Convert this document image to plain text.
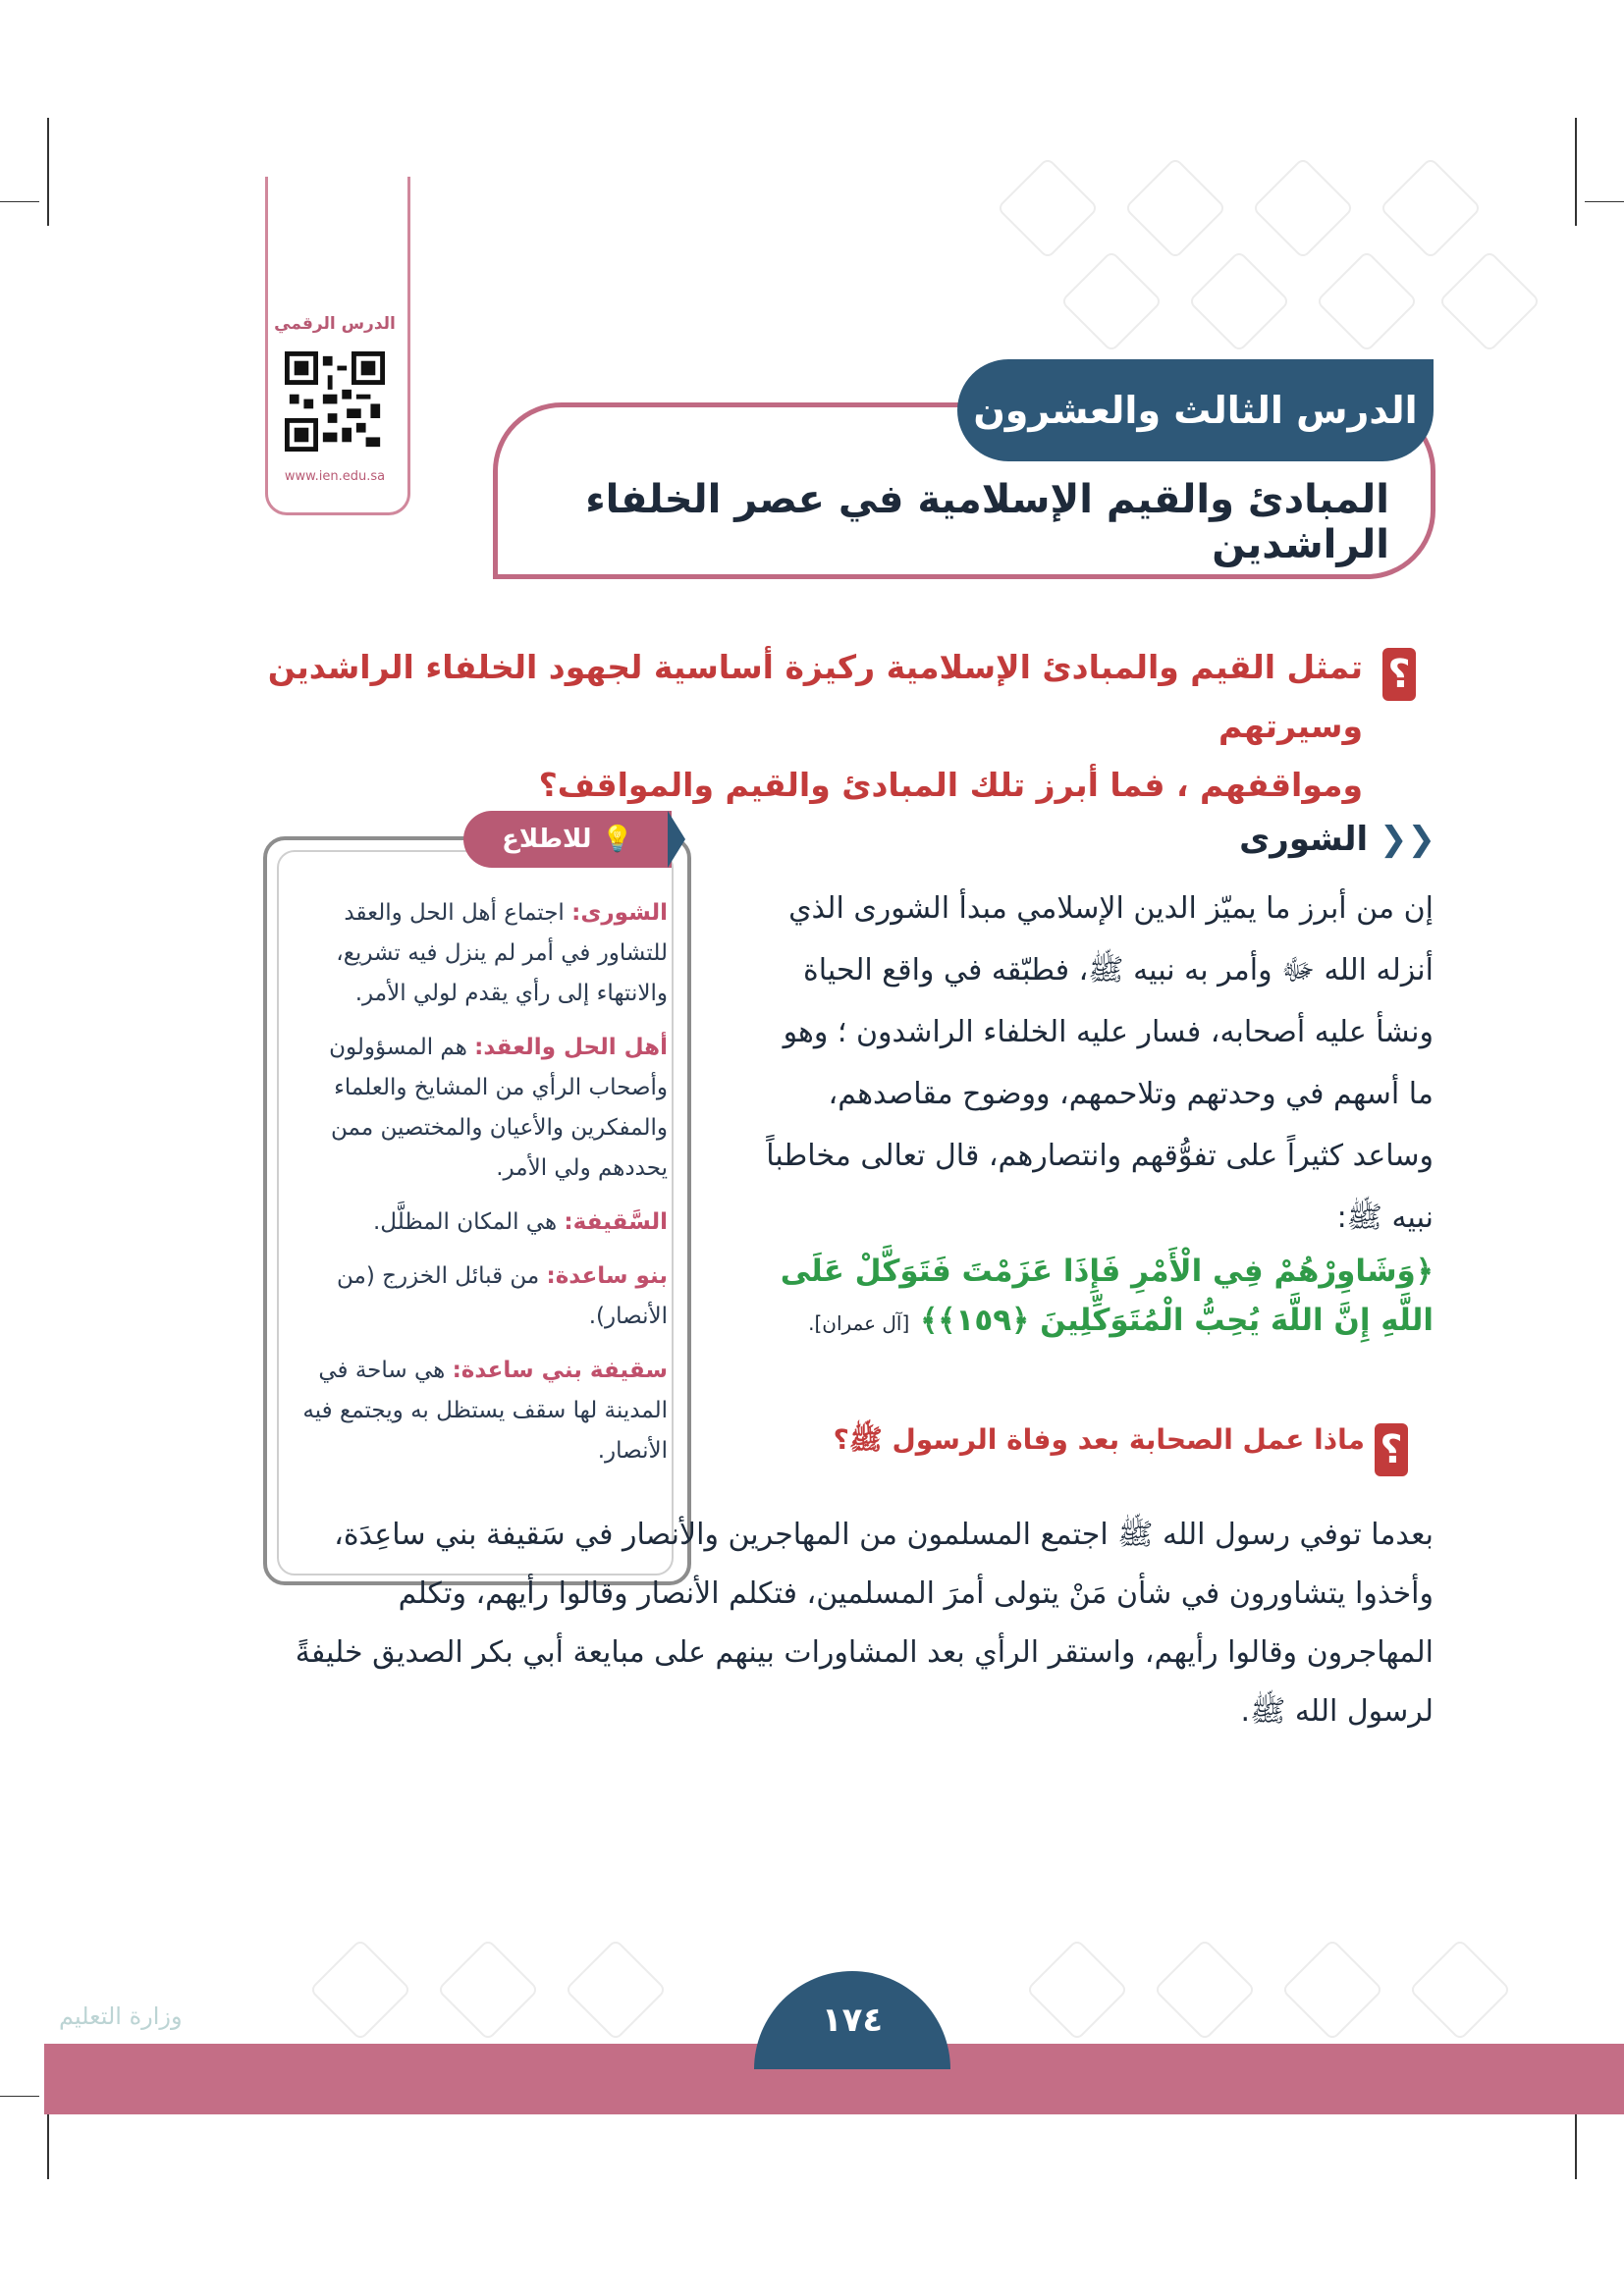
الدرس الرقمي
www.ien.edu.sa
الدرس الثالث والعشرون
المبادئ والقيم الإسلامية في عصر الخلفاء الراشدين
؟
تمثل القيم والمبادئ الإسلامية ركيزة أساسية لجهود الخلفاء الراشدين وسيرتهم
ومواقفهم ، فما أبرز تلك المبادئ والقيم والمواقف؟
💡
للاطلاع

الشورى: اجتماع أهل الحل والعقد للتشاور في أمر لم ينزل فيه تشريع، والانتهاء إلى رأي يقدم لولي الأمر.

أهل الحل والعقد: هم المسؤولون وأصحاب الرأي من المشايخ والعلماء والمفكرين والأعيان والمختصين ممن يحددهم ولي الأمر.

السَّقيفة: هي المكان المظلَّل.

بنو ساعدة: من قبائل الخزرج (من الأنصار).

سقيفة بني ساعدة: هي ساحة في المدينة لها سقف يستظل به ويجتمع فيه الأنصار.

❮❮ الشورى
إن من أبرز ما يميّز الدين الإسلامي مبدأ الشورى الذي أنزله الله ﷻ وأمر به نبيه ﷺ، فطبّقه في واقع الحياة ونشأ عليه أصحابه، فسار عليه الخلفاء الراشدون ؛ وهو ما أسهم في وحدتهم وتلاحمهم، ووضوح مقاصدهم، وساعد كثيراً على تفوُّقهم وانتصارهم، قال تعالى مخاطباً نبيه ﷺ:
﴿وَشَاوِرْهُمْ فِي الْأَمْرِ فَإِذَا عَزَمْتَ فَتَوَكَّلْ عَلَى اللَّهِ إِنَّ اللَّهَ يُحِبُّ الْمُتَوَكِّلِينَ ﴿١٥٩﴾﴾ [آل عمران].
؟
ماذا عمل الصحابة بعد وفاة الرسول ﷺ؟
بعدما توفي رسول الله ﷺ اجتمع المسلمون من المهاجرين والأنصار في سَقيفة بني ساعِدَة، وأخذوا يتشاورون في شأن مَنْ يتولى أمرَ المسلمين، فتكلم الأنصار وقالوا رأيهم، وتكلم المهاجرون وقالوا رأيهم، واستقر الرأي بعد المشاورات بينهم على مبايعة أبي بكر الصديق خليفةً لرسول الله ﷺ.
١٧٤
وزارة التعليم
